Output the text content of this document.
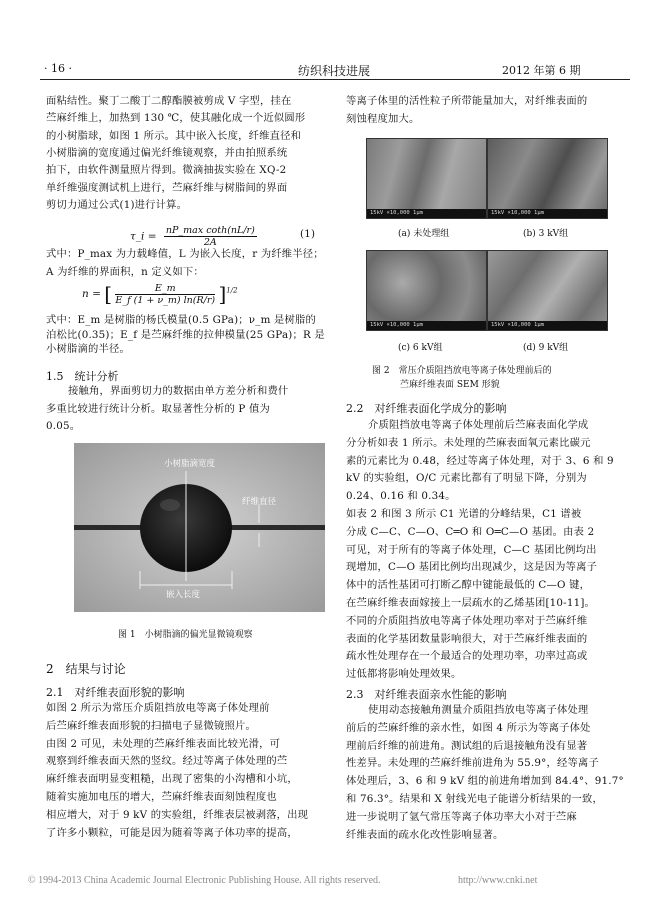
· 16 ·	纺织科技进展	2012 年第 6 期
面粘结性。聚丁二酸丁二醇酯膜被剪成 V 字型，挂在
苎麻纤维上，加热到 130 ℃，使其融化成一个近似圆形
的小树脂球，如图 1 所示。其中嵌入长度，纤维直径和
小树脂滴的宽度通过偏光纤维镜观察，并由拍照系统
拍下，由软件测量照片得到。微滴抽拔实验在 XQ-2
单纤维强度测试机上进行，苎麻纤维与树脂间的界面
剪切力通过公式(1)进行计算。
τ_i = nP_max coth(nL/r)
2A
(1)
式中：P_max 为力载峰值，L 为嵌入长度，r 为纤维半径；
A 为纤维的界面积，n 定义如下：
n = [ $\frac{E\_m}{E\_f (1 + \nu\_m) \ln(R/r)} ]^{1/2}$
式中：E_m 是树脂的杨氏模量(0.5 GPa)；ν_m 是树脂的
泊松比(0.35)；E_f 是苎麻纤维的拉伸模量(25 GPa)；R 是
小树脂滴的半径。
1.5　统计分析
接触角，界面剪切力的数据由单方差分析和费什
多重比较进行统计分析。取显著性分析的 P 值为
0.05。
小树脂滴宽度
纤维直径
嵌入长度
图 1　小树脂滴的偏光显微镜观察
2　结果与讨论
2.1　对纤维表面形貌的影响
如图 2 所示为常压介质阻挡放电等离子体处理前
后苎麻纤维表面形貌的扫描电子显微镜照片。
由图 2 可见，未处理的苎麻纤维表面比较光滑，可
观察到纤维表面天然的竖纹。经过等离子体处理的苎
麻纤维表面明显变粗糙，出现了密集的小沟槽和小坑，
随着实施加电压的增大，苎麻纤维表面刻蚀程度也
相应增大，对于 9 kV 的实验组，纤维表层被剥落，出现
了许多小颗粒，可能是因为随着等离子体功率的提高，
等离子体里的活性粒子所带能量加大，对纤维表面的
刻蚀程度加大。
15kV ×10,000 1μm	15kV ×10,000 1μm
(a) 未处理组	(b) 3 kV组
15kV ×10,000 1μm	15kV ×10,000 1μm
(c) 6 kV组	(d) 9 kV组
图 2　常压介质阻挡放电等离子体处理前后的
苎麻纤维表面 SEM 形貌
2.2　对纤维表面化学成分的影响
介质阻挡放电等离子体处理前后苎麻表面化学成
分分析如表 1 所示。未处理的苎麻表面氧元素比碳元
素的元素比为 0.48，经过等离子体处理，对于 3、6 和 9
kV 的实验组，O/C 元素比都有了明显下降，分别为
0.24、0.16 和 0.34。
如表 2 和图 3 所示 C1 光谱的分峰结果，C1 谱被
分成 C—C、C—O、C═O 和 O═C—O 基团。由表 2
可见，对于所有的等离子体处理，C—C 基团比例均出
现增加，C—O 基团比例均出现减少，这是因为等离子
体中的活性基团可打断乙醇中键能最低的 C—O 键，
在苎麻纤维表面嫁接上一层疏水的乙烯基团[10-11]。
不同的介质阻挡放电等离子体处理功率对于苎麻纤维
表面的化学基团数量影响很大，对于苎麻纤维表面的
疏水性处理存在一个最适合的处理功率，功率过高或
过低都将影响处理效果。
2.3　对纤维表面亲水性能的影响
使用动态接触角测量介质阻挡放电等离子体处理
前后的苎麻纤维的亲水性，如图 4 所示为等离子体处
理前后纤维的前进角。测试组的后退接触角没有显著
性差异。未处理的苎麻纤维前进角为 55.9°，经等离子
体处理后，3、6 和 9 kV 组的前进角增加到 84.4°、91.7°
和 76.3°。结果和 X 射线光电子能谱分析结果的一致，
进一步说明了氩气常压等离子体功率大小对于苎麻
纤维表面的疏水化改性影响显著。
© 1994-2013 China Academic Journal Electronic Publishing House. All rights reserved.	http://www.cnki.net
